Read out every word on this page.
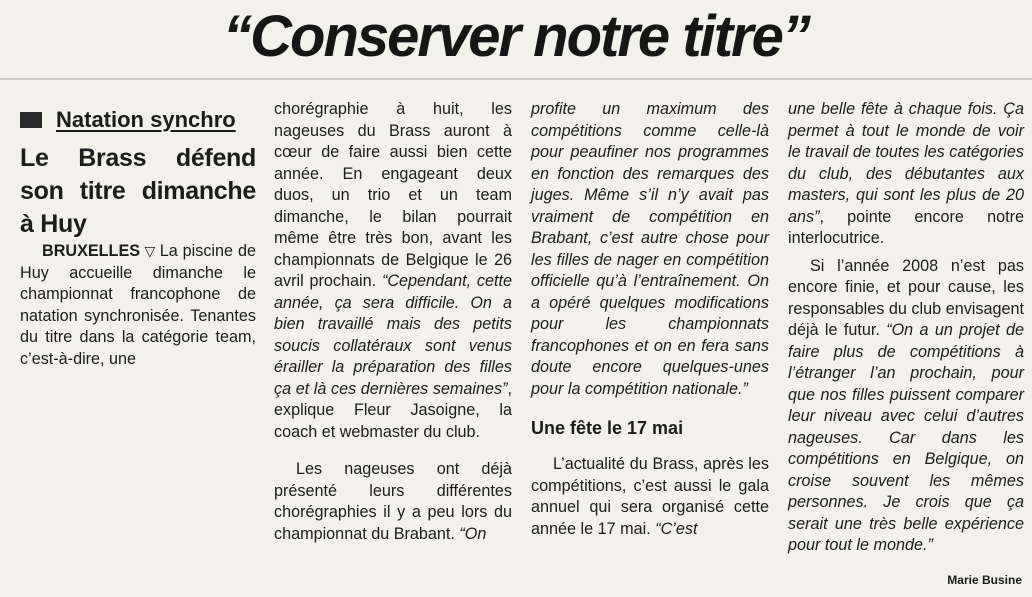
“Conserver notre titre”
Natation synchro
Le Brass défend son titre dimanche à Huy

BRUXELLES ▽ La piscine de Huy accueille dimanche le championnat francophone de natation synchronisée. Tenantes du titre dans la catégorie team, c’est-à-dire, une

chorégraphie à huit, les nageuses du Brass auront à cœur de faire aussi bien cette année. En engageant deux duos, un trio et un team dimanche, le bilan pourrait même être très bon, avant les championnats de Belgique le 26 avril prochain. “Cependant, cette année, ça sera difficile. On a bien travaillé mais des petits soucis collatéraux sont venus érailler la préparation des filles ça et là ces dernières semaines”, explique Fleur Jasoigne, la coach et webmaster du club.

Les nageuses ont déjà présenté leurs différentes chorégraphies il y a peu lors du championnat du Brabant. “On

profite un maximum des compétitions comme celle-là pour peaufiner nos programmes en fonction des remarques des juges. Même s’il n’y avait pas vraiment de compétition en Brabant, c’est autre chose pour les filles de nager en compétition officielle qu’à l’entraînement. On a opéré quelques modifications pour les championnats francophones et on en fera sans doute encore quelques-unes pour la compétition nationale.”

Une fête le 17 mai

L’actualité du Brass, après les compétitions, c’est aussi le gala annuel qui sera organisé cette année le 17 mai. “C’est

une belle fête à chaque fois. Ça permet à tout le monde de voir le travail de toutes les catégories du club, des débutantes aux masters, qui sont les plus de 20 ans”, pointe encore notre interlocutrice.

Si l’année 2008 n’est pas encore finie, et pour cause, les responsables du club envisagent déjà le futur. “On a un projet de faire plus de compétitions à l’étranger l’an prochain, pour que nos filles puissent comparer leur niveau avec celui d’autres nageuses. Car dans les compétitions en Belgique, on croise souvent les mêmes personnes. Je crois que ça serait une très belle expérience pour tout le monde.”

Marie Busine
